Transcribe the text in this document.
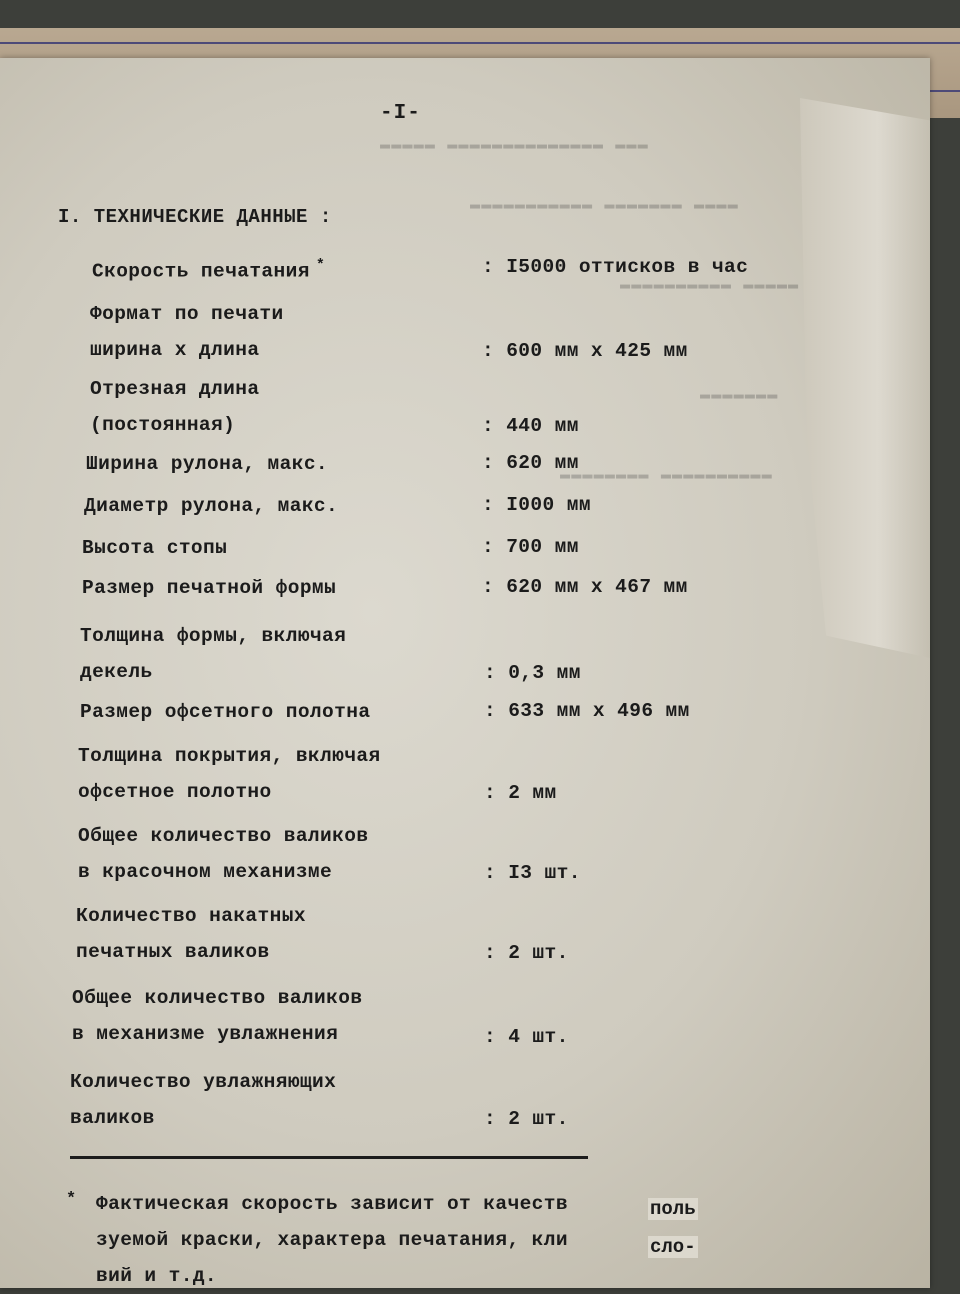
▬▬▬▬▬ ▬▬▬▬▬▬▬▬▬▬▬▬▬▬ ▬▬▬
▬▬▬▬▬▬▬▬▬▬▬ ▬▬▬▬▬▬▬ ▬▬▬▬
▬▬▬▬▬▬▬▬▬▬ ▬▬▬▬▬
▬▬▬▬▬▬▬
▬▬▬▬▬▬▬▬ ▬▬▬▬▬▬▬▬▬▬
-I-
I. ТЕХНИЧЕСКИЕ ДАННЫЕ :
Скорость печатания *	: I5000 оттисков в час
Формат по печати
ширина х длина	: 600 мм х 425 мм
Отрезная длина
(постоянная)	: 440 мм
Ширина рулона, макс.	: 620 мм
Диаметр рулона, макс.	: I000 мм
Высота стопы	: 700 мм
Размер печатной формы	: 620 мм х 467 мм
Толщина формы, включая
декель	: 0,3 мм
Размер офсетного полотна	: 633 мм х 496 мм
Толщина покрытия, включая
офсетное полотно	: 2 мм
Общее количество валиков
в красочном механизме	: I3 шт.
Количество накатных
печатных валиков	: 2 шт.
Общее количество валиков
в механизме увлажнения	: 4 шт.
Количество увлажняющих
валиков	: 2 шт.
* Фактическая скорость зависит от качеств
зуемой краски, характера печатания, кли
вий и т.д.
поль
сло-
